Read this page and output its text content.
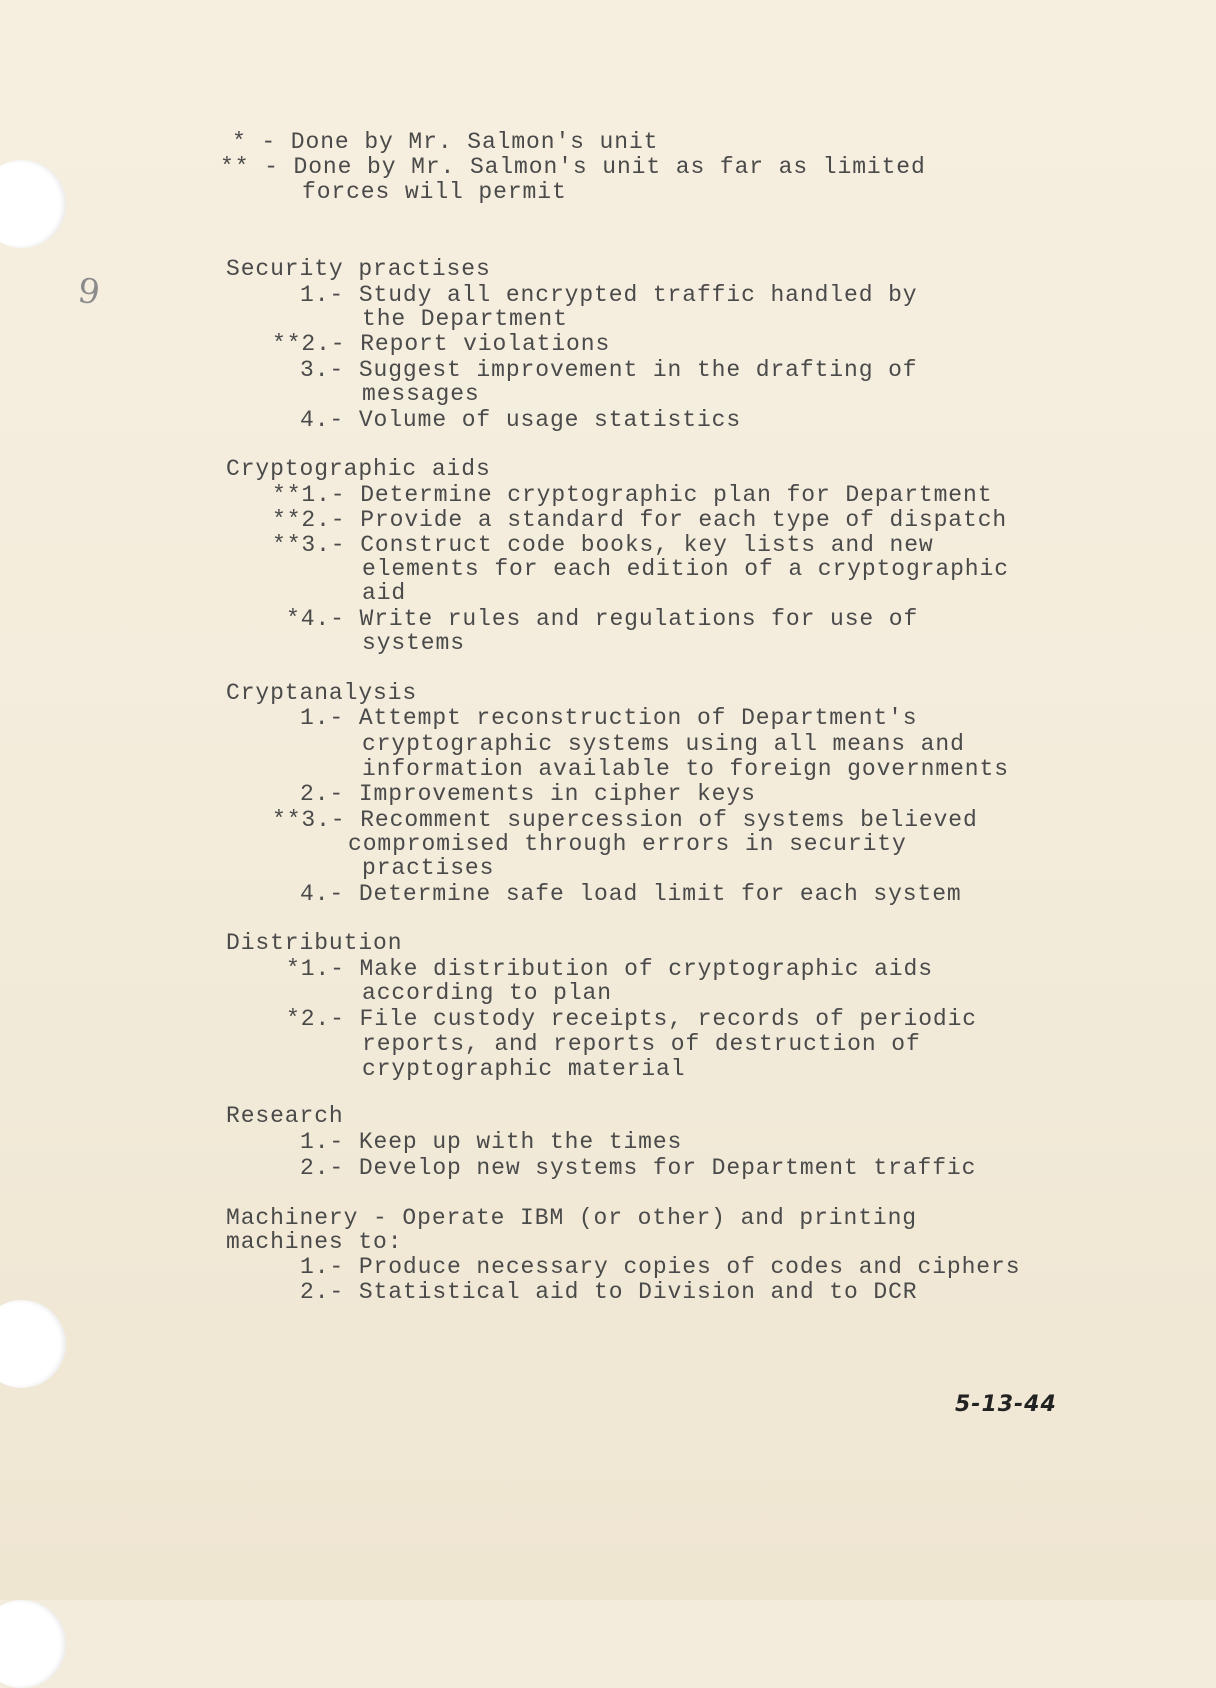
9
* - Done by Mr. Salmon's unit
** - Done by Mr. Salmon's unit as far as limited
forces will permit
Security practises
1.- Study all encrypted traffic handled by
the Department
**2.- Report violations
3.- Suggest improvement in the drafting of
messages
4.- Volume of usage statistics
Cryptographic aids
**1.- Determine cryptographic plan for Department
**2.- Provide a standard for each type of dispatch
**3.- Construct code books, key lists and new
elements for each edition of a cryptographic
aid
*4.- Write rules and regulations for use of
systems
Cryptanalysis
1.- Attempt reconstruction of Department's
cryptographic systems using all means and
information available to foreign governments
2.- Improvements in cipher keys
**3.- Recomment supercession of systems believed
compromised through errors in security
practises
4.- Determine safe load limit for each system
Distribution
*1.- Make distribution of cryptographic aids
according to plan
*2.- File custody receipts, records of periodic
reports, and reports of destruction of
cryptographic material
Research
1.- Keep up with the times
2.- Develop new systems for Department traffic
Machinery - Operate IBM (or other) and printing
machines to:
1.- Produce necessary copies of codes and ciphers
2.- Statistical aid to Division and to DCR
5-13-44
